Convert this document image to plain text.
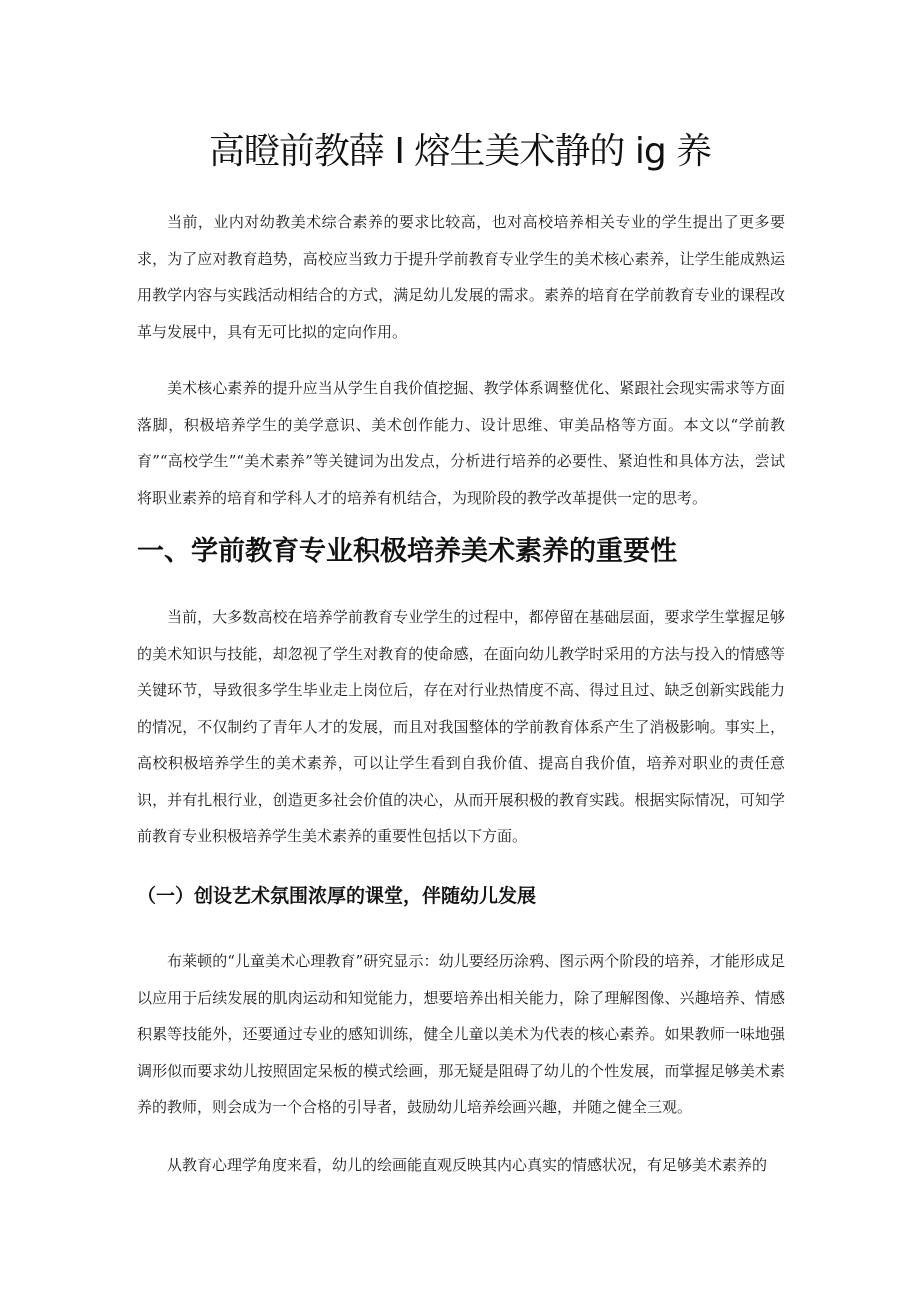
高瞪前教薛 I 熔生美术静的 ig 养

当前，业内对幼教美术综合素养的要求比较高，也对高校培养相关专业的学生提出了更多要求，为了应对教育趋势，高校应当致力于提升学前教育专业学生的美术核心素养，让学生能成熟运用教学内容与实践活动相结合的方式，满足幼儿发展的需求。素养的培育在学前教育专业的课程改革与发展中，具有无可比拟的定向作用。

美术核心素养的提升应当从学生自我价值挖掘、教学体系调整优化、紧跟社会现实需求等方面落脚，积极培养学生的美学意识、美术创作能力、设计思维、审美品格等方面。本文以“学前教育”“高校学生”“美术素养”等关键词为出发点，分析进行培养的必要性、紧迫性和具体方法，尝试将职业素养的培育和学科人才的培养有机结合，为现阶段的教学改革提供一定的思考。

一、学前教育专业积极培养美术素养的重要性

当前，大多数高校在培养学前教育专业学生的过程中，都停留在基础层面，要求学生掌握足够的美术知识与技能，却忽视了学生对教育的使命感，在面向幼儿教学时采用的方法与投入的情感等关键环节，导致很多学生毕业走上岗位后，存在对行业热情度不高、得过且过、缺乏创新实践能力的情况，不仅制约了青年人才的发展，而且对我国整体的学前教育体系产生了消极影响。事实上，高校积极培养学生的美术素养，可以让学生看到自我价值、提高自我价值，培养对职业的责任意识，并有扎根行业，创造更多社会价值的决心，从而开展积极的教育实践。根据实际情况，可知学前教育专业积极培养学生美术素养的重要性包括以下方面。

（一）创设艺术氛围浓厚的课堂，伴随幼儿发展

布莱顿的“儿童美术心理教育”研究显示：幼儿要经历涂鸦、图示两个阶段的培养，才能形成足以应用于后续发展的肌肉运动和知觉能力，想要培养出相关能力，除了理解图像、兴趣培养、情感积累等技能外，还要通过专业的感知训练，健全儿童以美术为代表的核心素养。如果教师一味地强调形似而要求幼儿按照固定呆板的模式绘画，那无疑是阻碍了幼儿的个性发展，而掌握足够美术素养的教师，则会成为一个合格的引导者，鼓励幼儿培养绘画兴趣，并随之健全三观。

从教育心理学角度来看，幼儿的绘画能直观反映其内心真实的情感状况，有足够美术素养的
